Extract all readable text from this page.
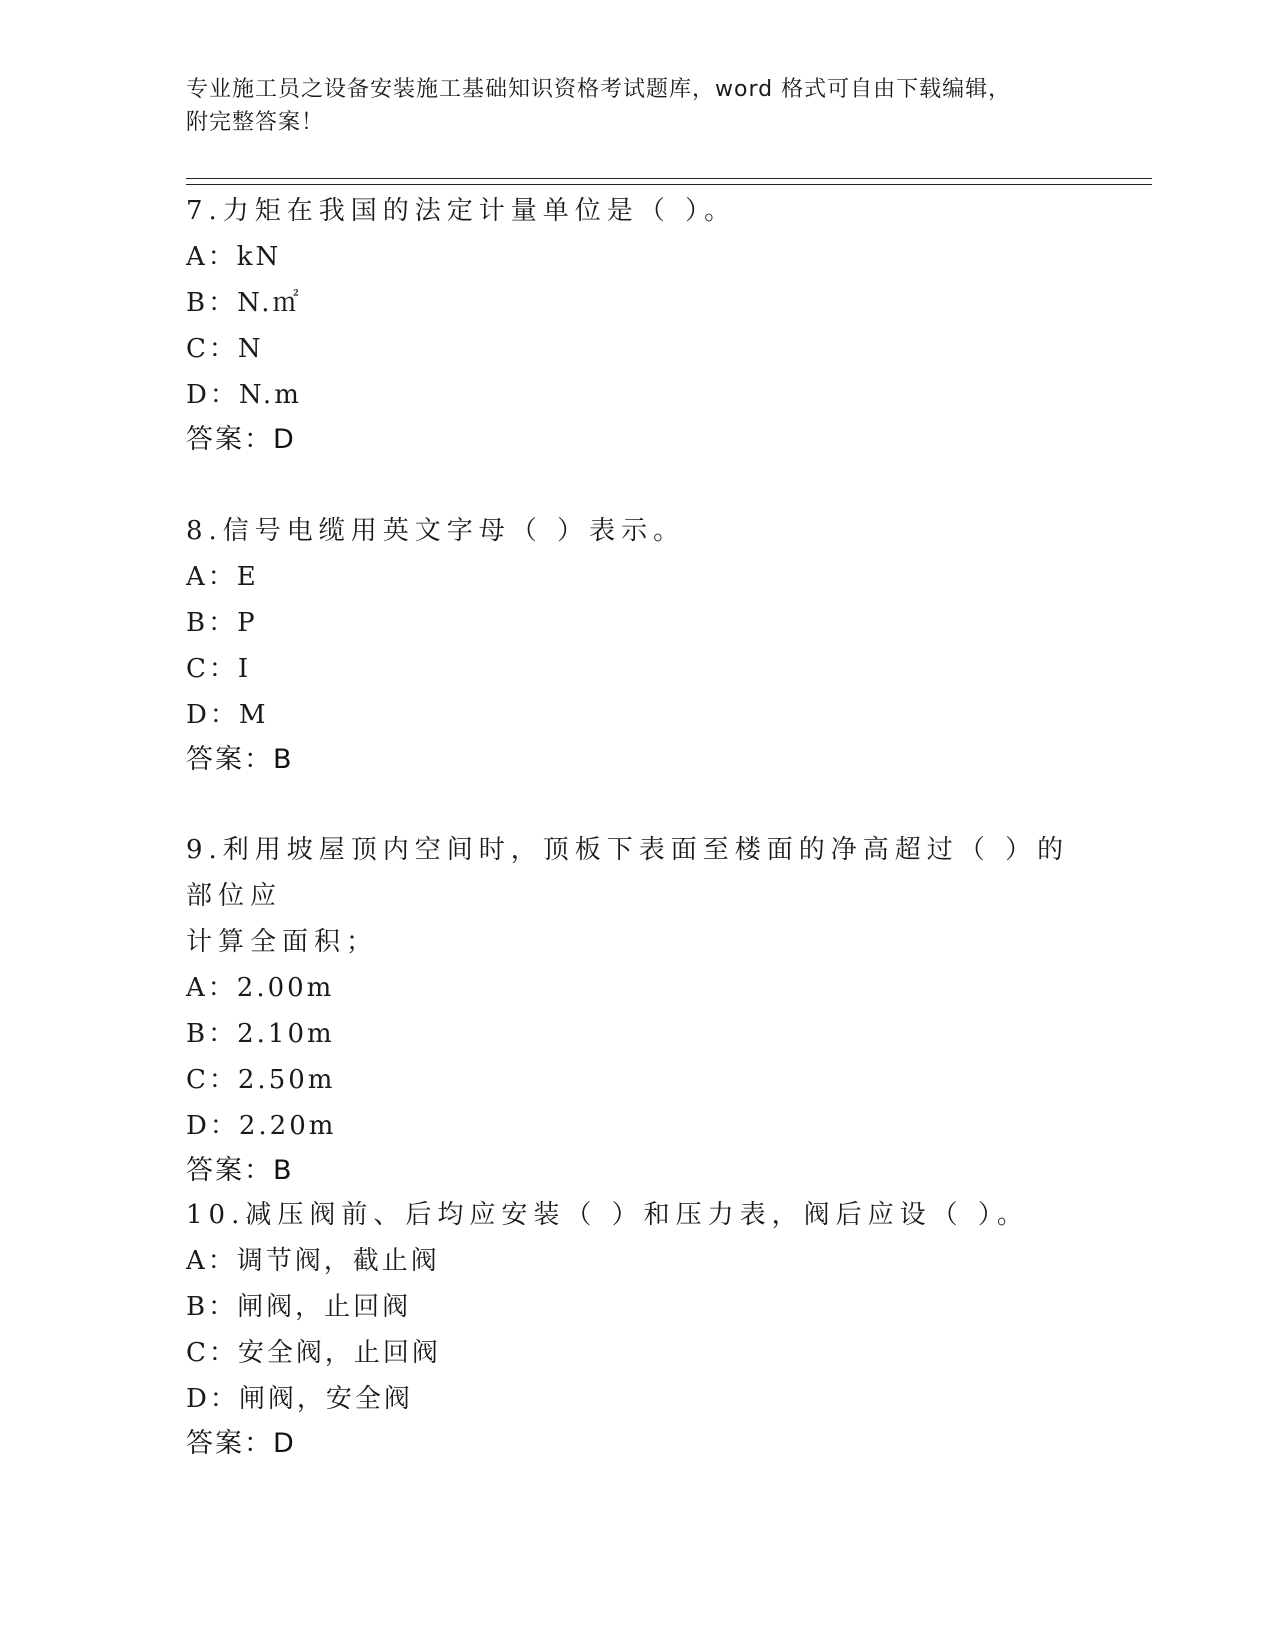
专业施工员之设备安装施工基础知识资格考试题库，word 格式可自由下载编辑，
附完整答案！
7.力矩在我国的法定计量单位是（ ）。
A：kN
B：N.㎡
C：N
D：N.m
答案：D
8.信号电缆用英文字母（ ）表示。
A：E
B：P
C：I
D：M
答案：B
9.利用坡屋顶内空间时，顶板下表面至楼面的净高超过（ ）的部位应
计算全面积；
A：2.00m
B：2.10m
C：2.50m
D：2.20m
答案：B
10.减压阀前、后均应安装（ ）和压力表，阀后应设（ ）。
A：调节阀，截止阀
B：闸阀，止回阀
C：安全阀，止回阀
D：闸阀，安全阀
答案：D
